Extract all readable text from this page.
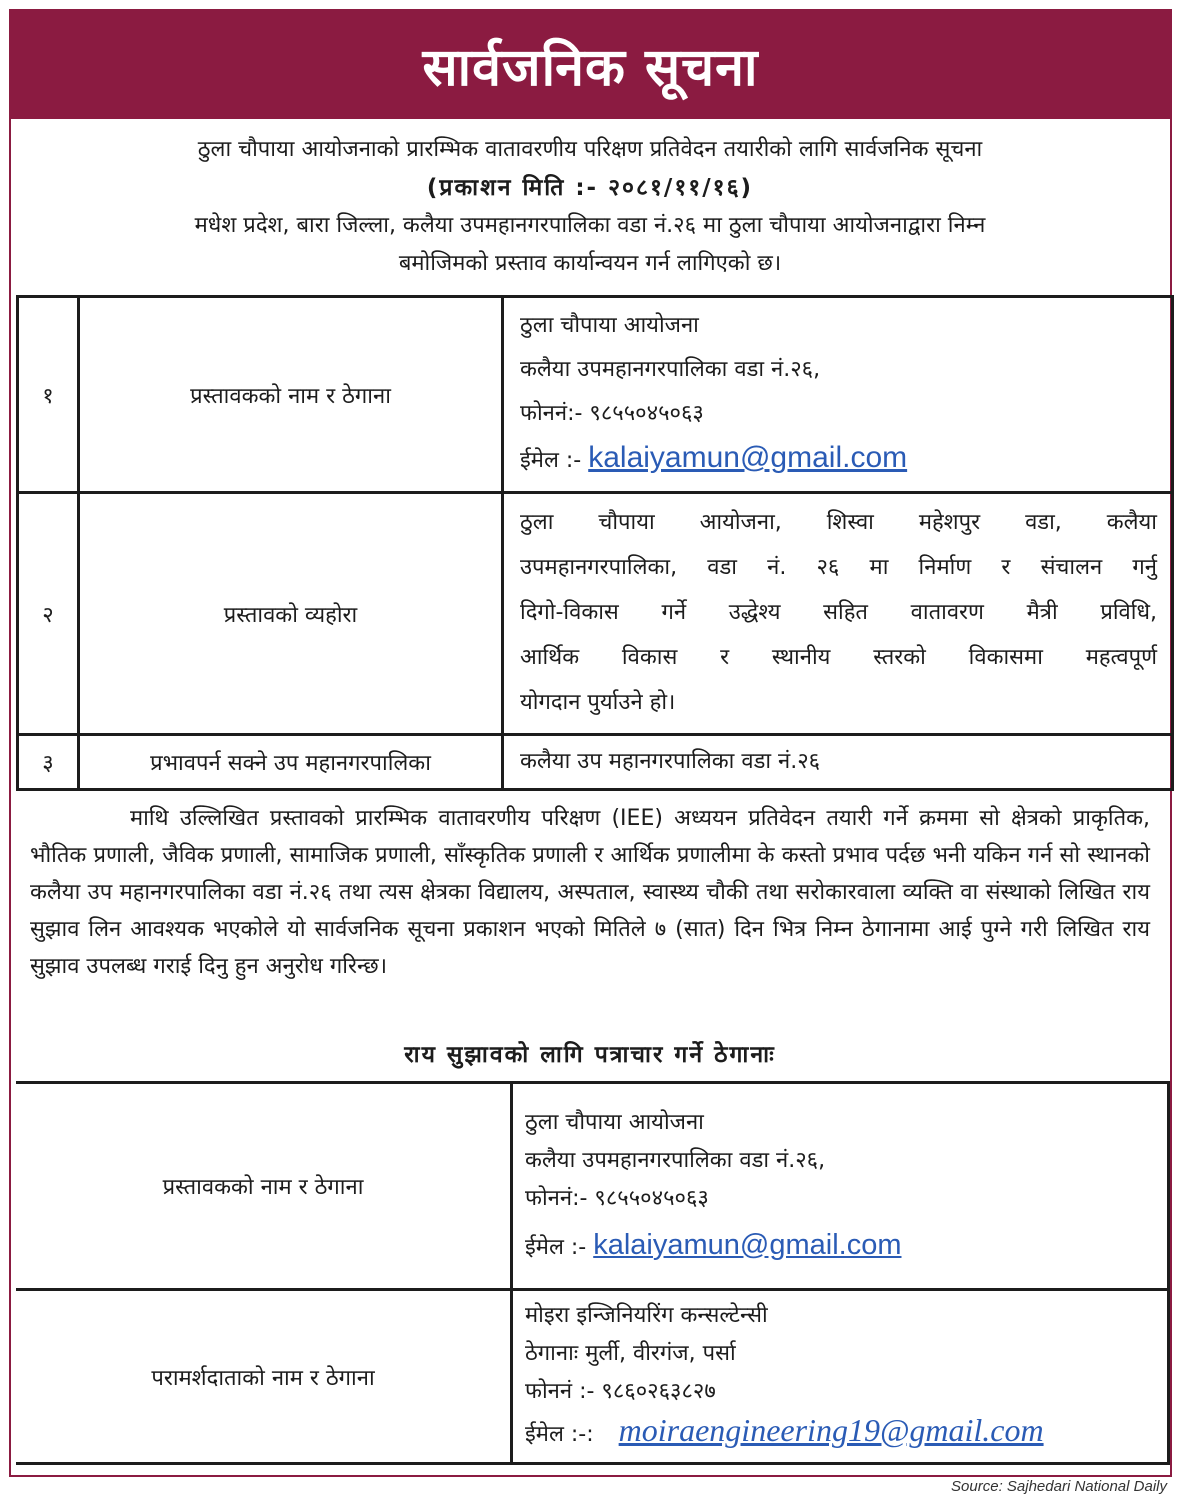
सार्वजनिक सूचना
ठुला चौपाया आयोजनाको प्रारम्भिक वातावरणीय परिक्षण प्रतिवेदन तयारीको लागि सार्वजनिक सूचना
(प्रकाशन मिति :- २०८१/११/१६)
मधेश प्रदेश, बारा जिल्ला, कलैया उपमहानगरपालिका वडा नं.२६ मा ठुला चौपाया आयोजनाद्वारा निम्न
बमोजिमको प्रस्ताव कार्यान्वयन गर्न लागिएको छ।
१	प्रस्तावकको नाम र ठेगाना	ठुला चौपाया आयोजना
कलैया उपमहानगरपालिका वडा नं.२६,
फोननं:- ९८५५०४५०६३
ईमेल :- kalaiyamun@gmail.com

२	प्रस्तावको व्यहोरा	ठुला चौपाया आयोजना, शिस्वा महेशपुर वडा, कलैया
उपमहानगरपालिका, वडा नं. २६ मा निर्माण र संचालन गर्नु
दिगो-विकास गर्ने उद्धेश्य सहित वातावरण मैत्री प्रविधि,
आर्थिक विकास र स्थानीय स्तरको विकासमा महत्वपूर्ण
योगदान पुर्याउने हो।

३	प्रभावपर्न सक्ने उप महानगरपालिका	कलैया उप महानगरपालिका वडा नं.२६

माथि उल्लिखित प्रस्तावको प्रारम्भिक वातावरणीय परिक्षण (IEE) अध्ययन प्रतिवेदन तयारी गर्ने क्रममा सो क्षेत्रको प्राकृतिक, भौतिक प्रणाली, जैविक प्रणाली, सामाजिक प्रणाली, साँस्कृतिक प्रणाली र आर्थिक प्रणालीमा के कस्तो प्रभाव पर्दछ भनी यकिन गर्न सो स्थानको कलैया उप महानगरपालिका वडा नं.२६ तथा त्यस क्षेत्रका विद्यालय, अस्पताल, स्वास्थ्य चौकी तथा सरोकारवाला व्यक्ति वा संस्थाको लिखित राय सुझाव लिन आवश्यक भएकोले यो सार्वजनिक सूचना प्रकाशन भएको मितिले ७ (सात) दिन भित्र निम्न ठेगानामा आई पुग्ने गरी लिखित राय सुझाव उपलब्ध गराई दिनु हुन अनुरोध गरिन्छ।

राय सुझावको लागि पत्राचार गर्ने ठेगानाः
प्रस्तावकको नाम र ठेगाना	ठुला चौपाया आयोजना
कलैया उपमहानगरपालिका वडा नं.२६,
फोननं:- ९८५५०४५०६३
ईमेल :- kalaiyamun@gmail.com

परामर्शदाताको नाम र ठेगाना	मोइरा इन्जिनियरिंग कन्सल्टेन्सी
ठेगानाः मुर्ली, वीरगंज, पर्सा
फोननं :- ९८६०२६३८२७
ईमेल :-: moiraengineering19@gmail.com
Source: Sajhedari National Daily
